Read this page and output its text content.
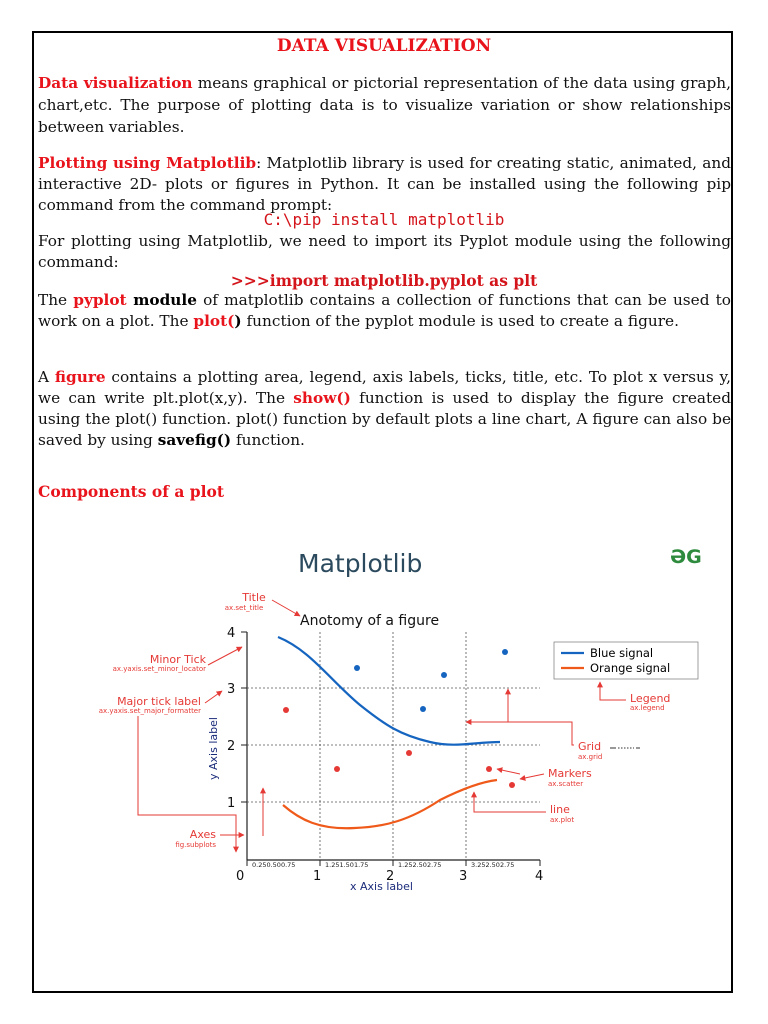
DATA VISUALIZATION
Data visualization means graphical or pictorial representation of the data using graph, chart,etc. The purpose of plotting data is to visualize variation or show relationships between variables.
Plotting using Matplotlib: Matplotlib library is used for creating static, animated, and interactive 2D- plots or figures in Python. It can be installed using the following pip command from the command prompt:
C:\pip install matplotlib
For plotting using Matplotlib, we need to import its Pyplot module using the following command:
>>>import matplotlib.pyplot as plt
The pyplot module of matplotlib contains a collection of functions that can be used to work on a plot. The plot() function of the pyplot module is used to create a figure.
A figure contains a plotting area, legend, axis labels, ticks, title, etc. To plot x versus y, we can write plt.plot(x,y). The show() function is used to display the figure created using the plot() function. plot() function by default plots a line chart, A figure can also be saved by using savefig() function.
Components of a plot
Matplotlib	ƏG
0	1	2	3	4
1
2
3
4
0.250.500.75	1.251.501.75	1.252.502.75	3.252.502.75
x Axis label
y Axis label
Anotomy of a figure
Blue signal
Orange signal
Title
ax.set_title
Minor Tick
ax.yaxis.set_minor_locator
Major tick label
ax.yaxis.set_major_formatter
Axes
fig.subplots
Legend
ax.legend
Grid
ax.grid
Markers
ax.scatter
line
ax.plot
